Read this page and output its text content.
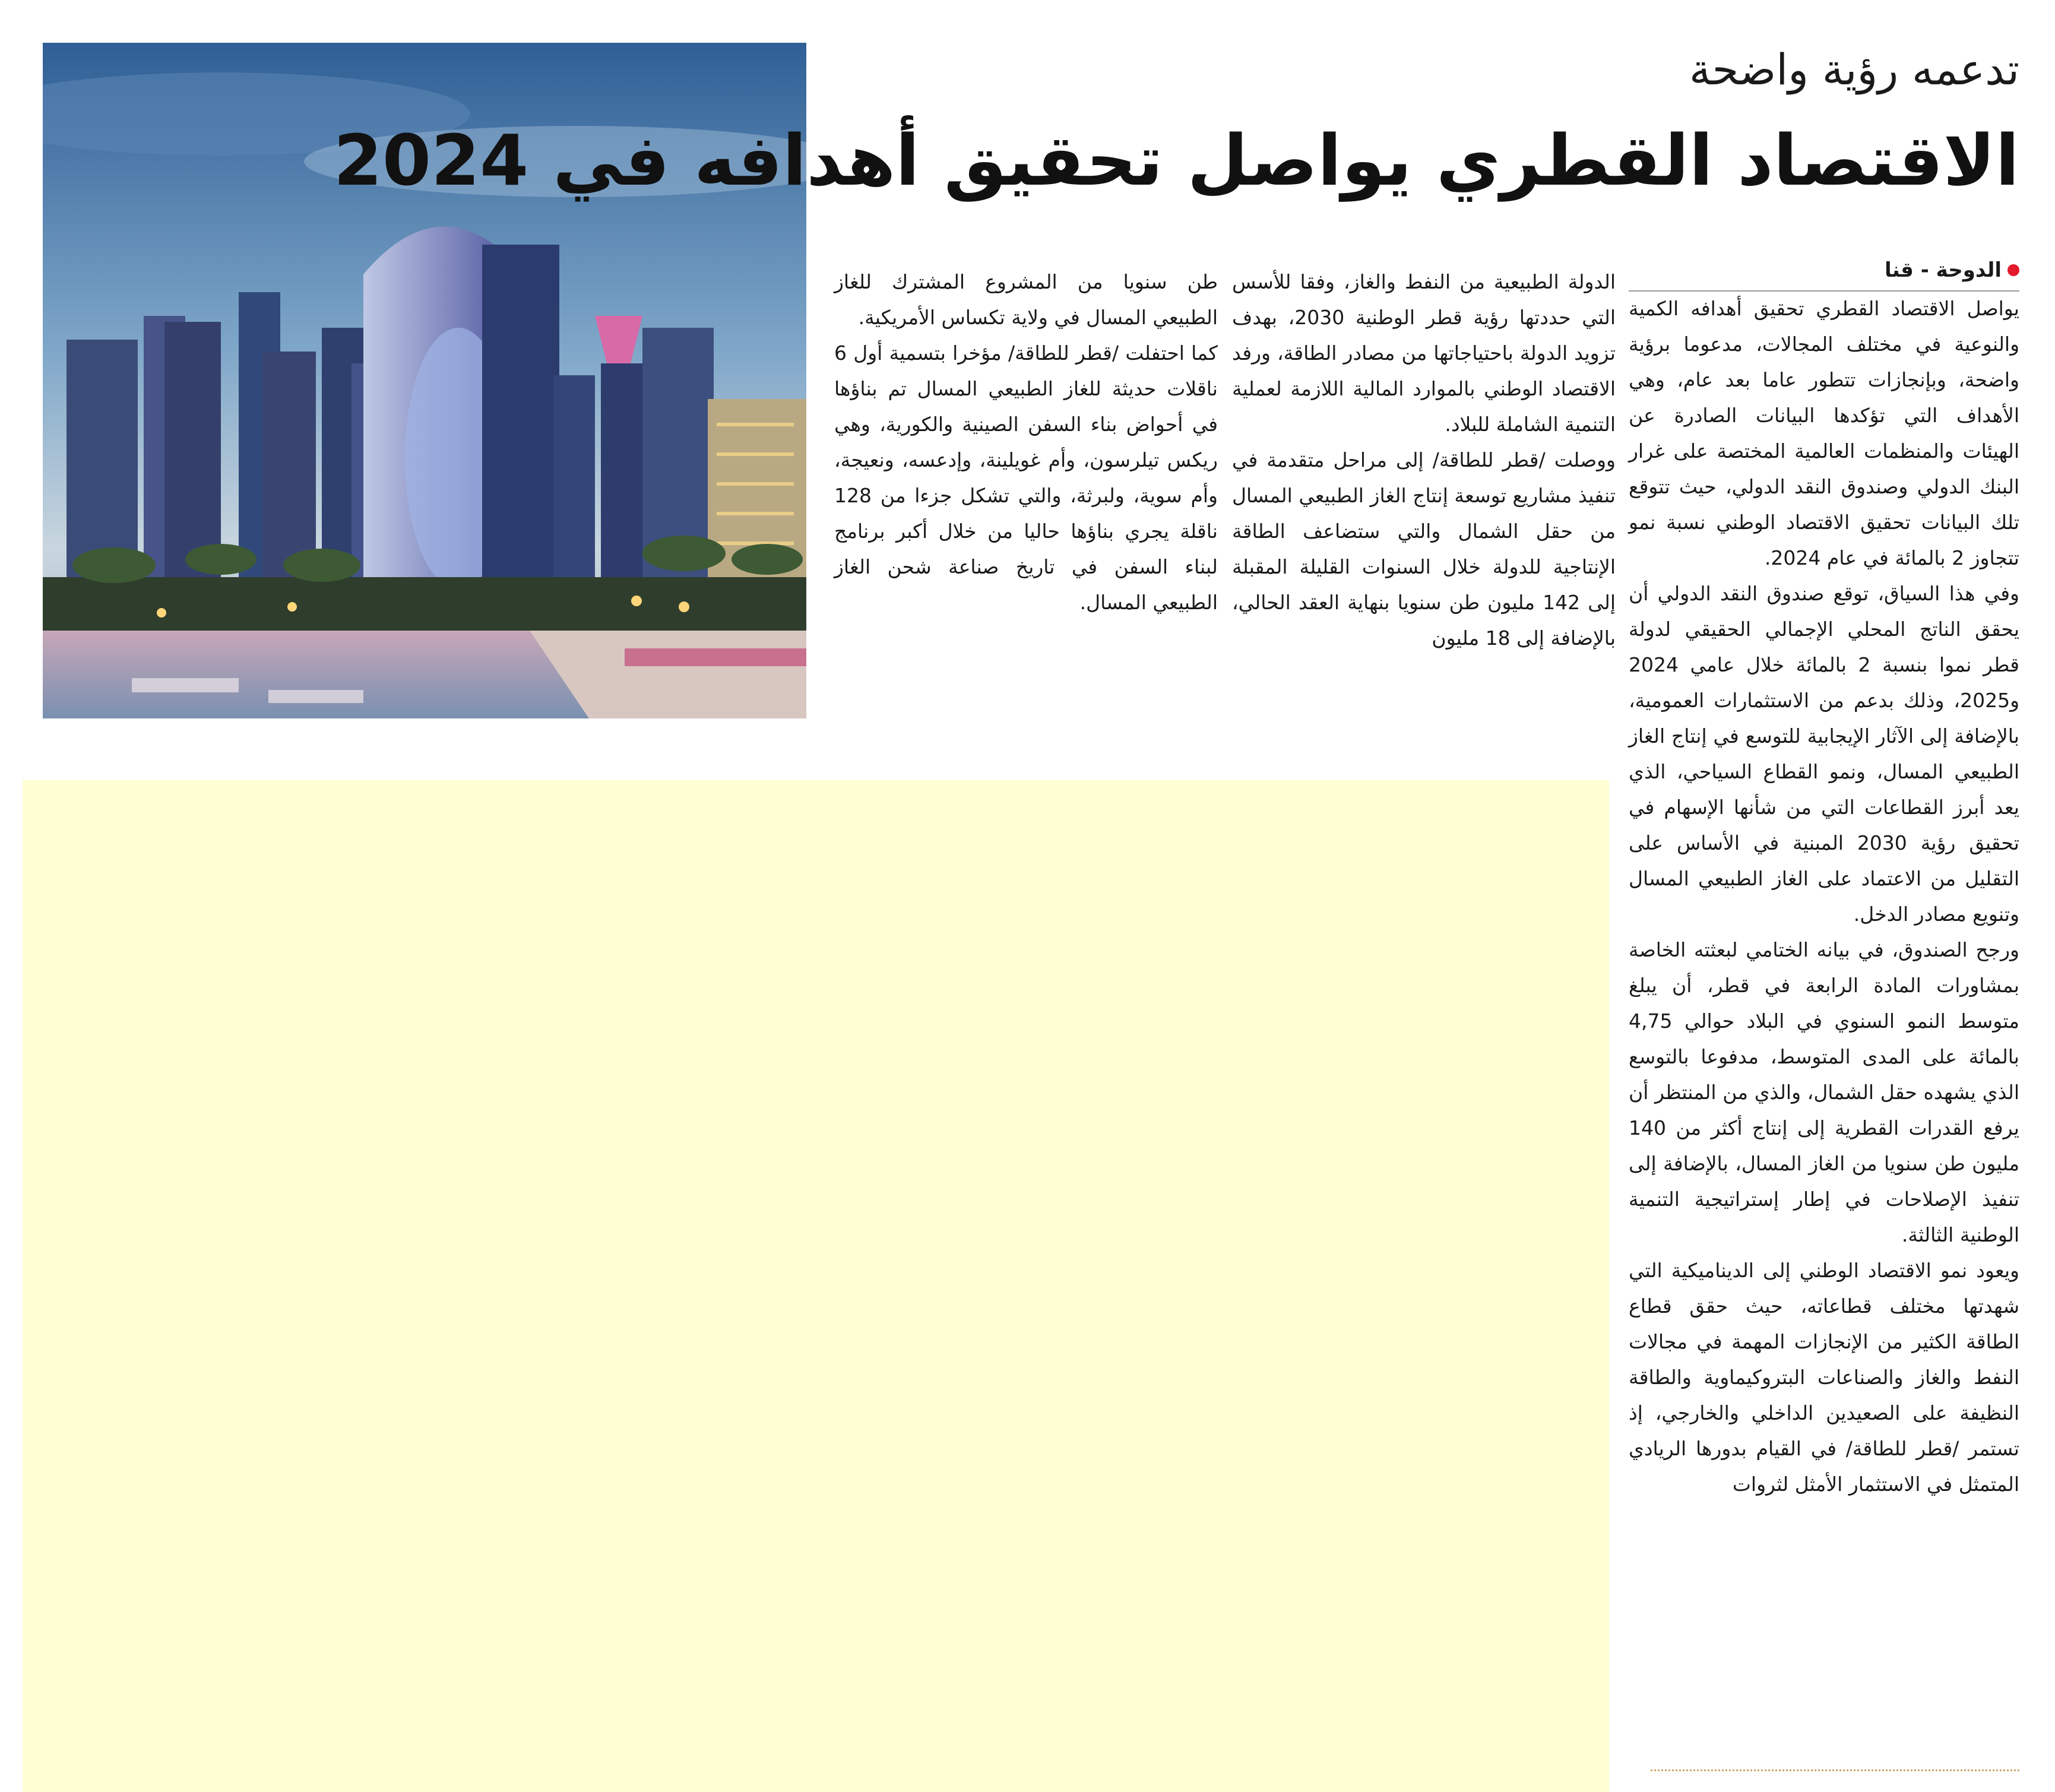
تدعمه رؤية واضحة
الاقتصاد القطري يواصل تحقيق أهدافه في 2024
الدوحة - قنا

يواصل الاقتصاد القطري تحقيق أهدافه الكمية والنوعية في مختلف المجالات، مدعوما برؤية واضحة، وبإنجازات تتطور عاما بعد عام، وهي الأهداف التي تؤكدها البيانات الصادرة عن الهيئات والمنظمات العالمية المختصة على غرار البنك الدولي وصندوق النقد الدولي، حيث تتوقع تلك البيانات تحقيق الاقتصاد الوطني نسبة نمو تتجاوز 2 بالمائة في عام 2024.

وفي هذا السياق، توقع صندوق النقد الدولي أن يحقق الناتج المحلي الإجمالي الحقيقي لدولة قطر نموا بنسبة 2 بالمائة خلال عامي 2024 و2025، وذلك بدعم من الاستثمارات العمومية، بالإضافة إلى الآثار الإيجابية للتوسع في إنتاج الغاز الطبيعي المسال، ونمو القطاع السياحي، الذي يعد أبرز القطاعات التي من شأنها الإسهام في تحقيق رؤية 2030 المبنية في الأساس على التقليل من الاعتماد على الغاز الطبيعي المسال وتنويع مصادر الدخل.

ورجح الصندوق، في بيانه الختامي لبعثته الخاصة بمشاورات المادة الرابعة في قطر، أن يبلغ متوسط النمو السنوي في البلاد حوالي 4,75 بالمائة على المدى المتوسط، مدفوعا بالتوسع الذي يشهده حقل الشمال، والذي من المنتظر أن يرفع القدرات القطرية إلى إنتاج أكثر من 140 مليون طن سنويا من الغاز المسال، بالإضافة إلى تنفيذ الإصلاحات في إطار إستراتيجية التنمية الوطنية الثالثة.

ويعود نمو الاقتصاد الوطني إلى الديناميكية التي شهدتها مختلف قطاعاته، حيث حقق قطاع الطاقة الكثير من الإنجازات المهمة في مجالات النفط والغاز والصناعات البتروكيماوية والطاقة النظيفة على الصعيدين الداخلي والخارجي، إذ تستمر /قطر للطاقة/ في القيام بدورها الريادي المتمثل في الاستثمار الأمثل لثروات

الدولة الطبيعية من النفط والغاز، وفقا للأسس التي حددتها رؤية قطر الوطنية 2030، بهدف تزويد الدولة باحتياجاتها من مصادر الطاقة، ورفد الاقتصاد الوطني بالموارد المالية اللازمة لعملية التنمية الشاملة للبلاد.

ووصلت /قطر للطاقة/ إلى مراحل متقدمة في تنفيذ مشاريع توسعة إنتاج الغاز الطبيعي المسال من حقل الشمال والتي ستضاعف الطاقة الإنتاجية للدولة خلال السنوات القليلة المقبلة إلى 142 مليون طن سنويا بنهاية العقد الحالي، بالإضافة إلى 18 مليون

طن سنويا من المشروع المشترك للغاز الطبيعي المسال في ولاية تكساس الأمريكية.

كما احتفلت /قطر للطاقة/ مؤخرا بتسمية أول 6 ناقلات حديثة للغاز الطبيعي المسال تم بناؤها في أحواض بناء السفن الصينية والكورية، وهي ريكس تيلرسون، وأم غويلينة، وإدعسه، ونعيجة، وأم سوية، ولبرثة، والتي تشكل جزءا من 128 ناقلة يجري بناؤها حاليا من خلال أكبر برنامج لبناء السفن في تاريخ صناعة شحن الغاز الطبيعي المسال.
